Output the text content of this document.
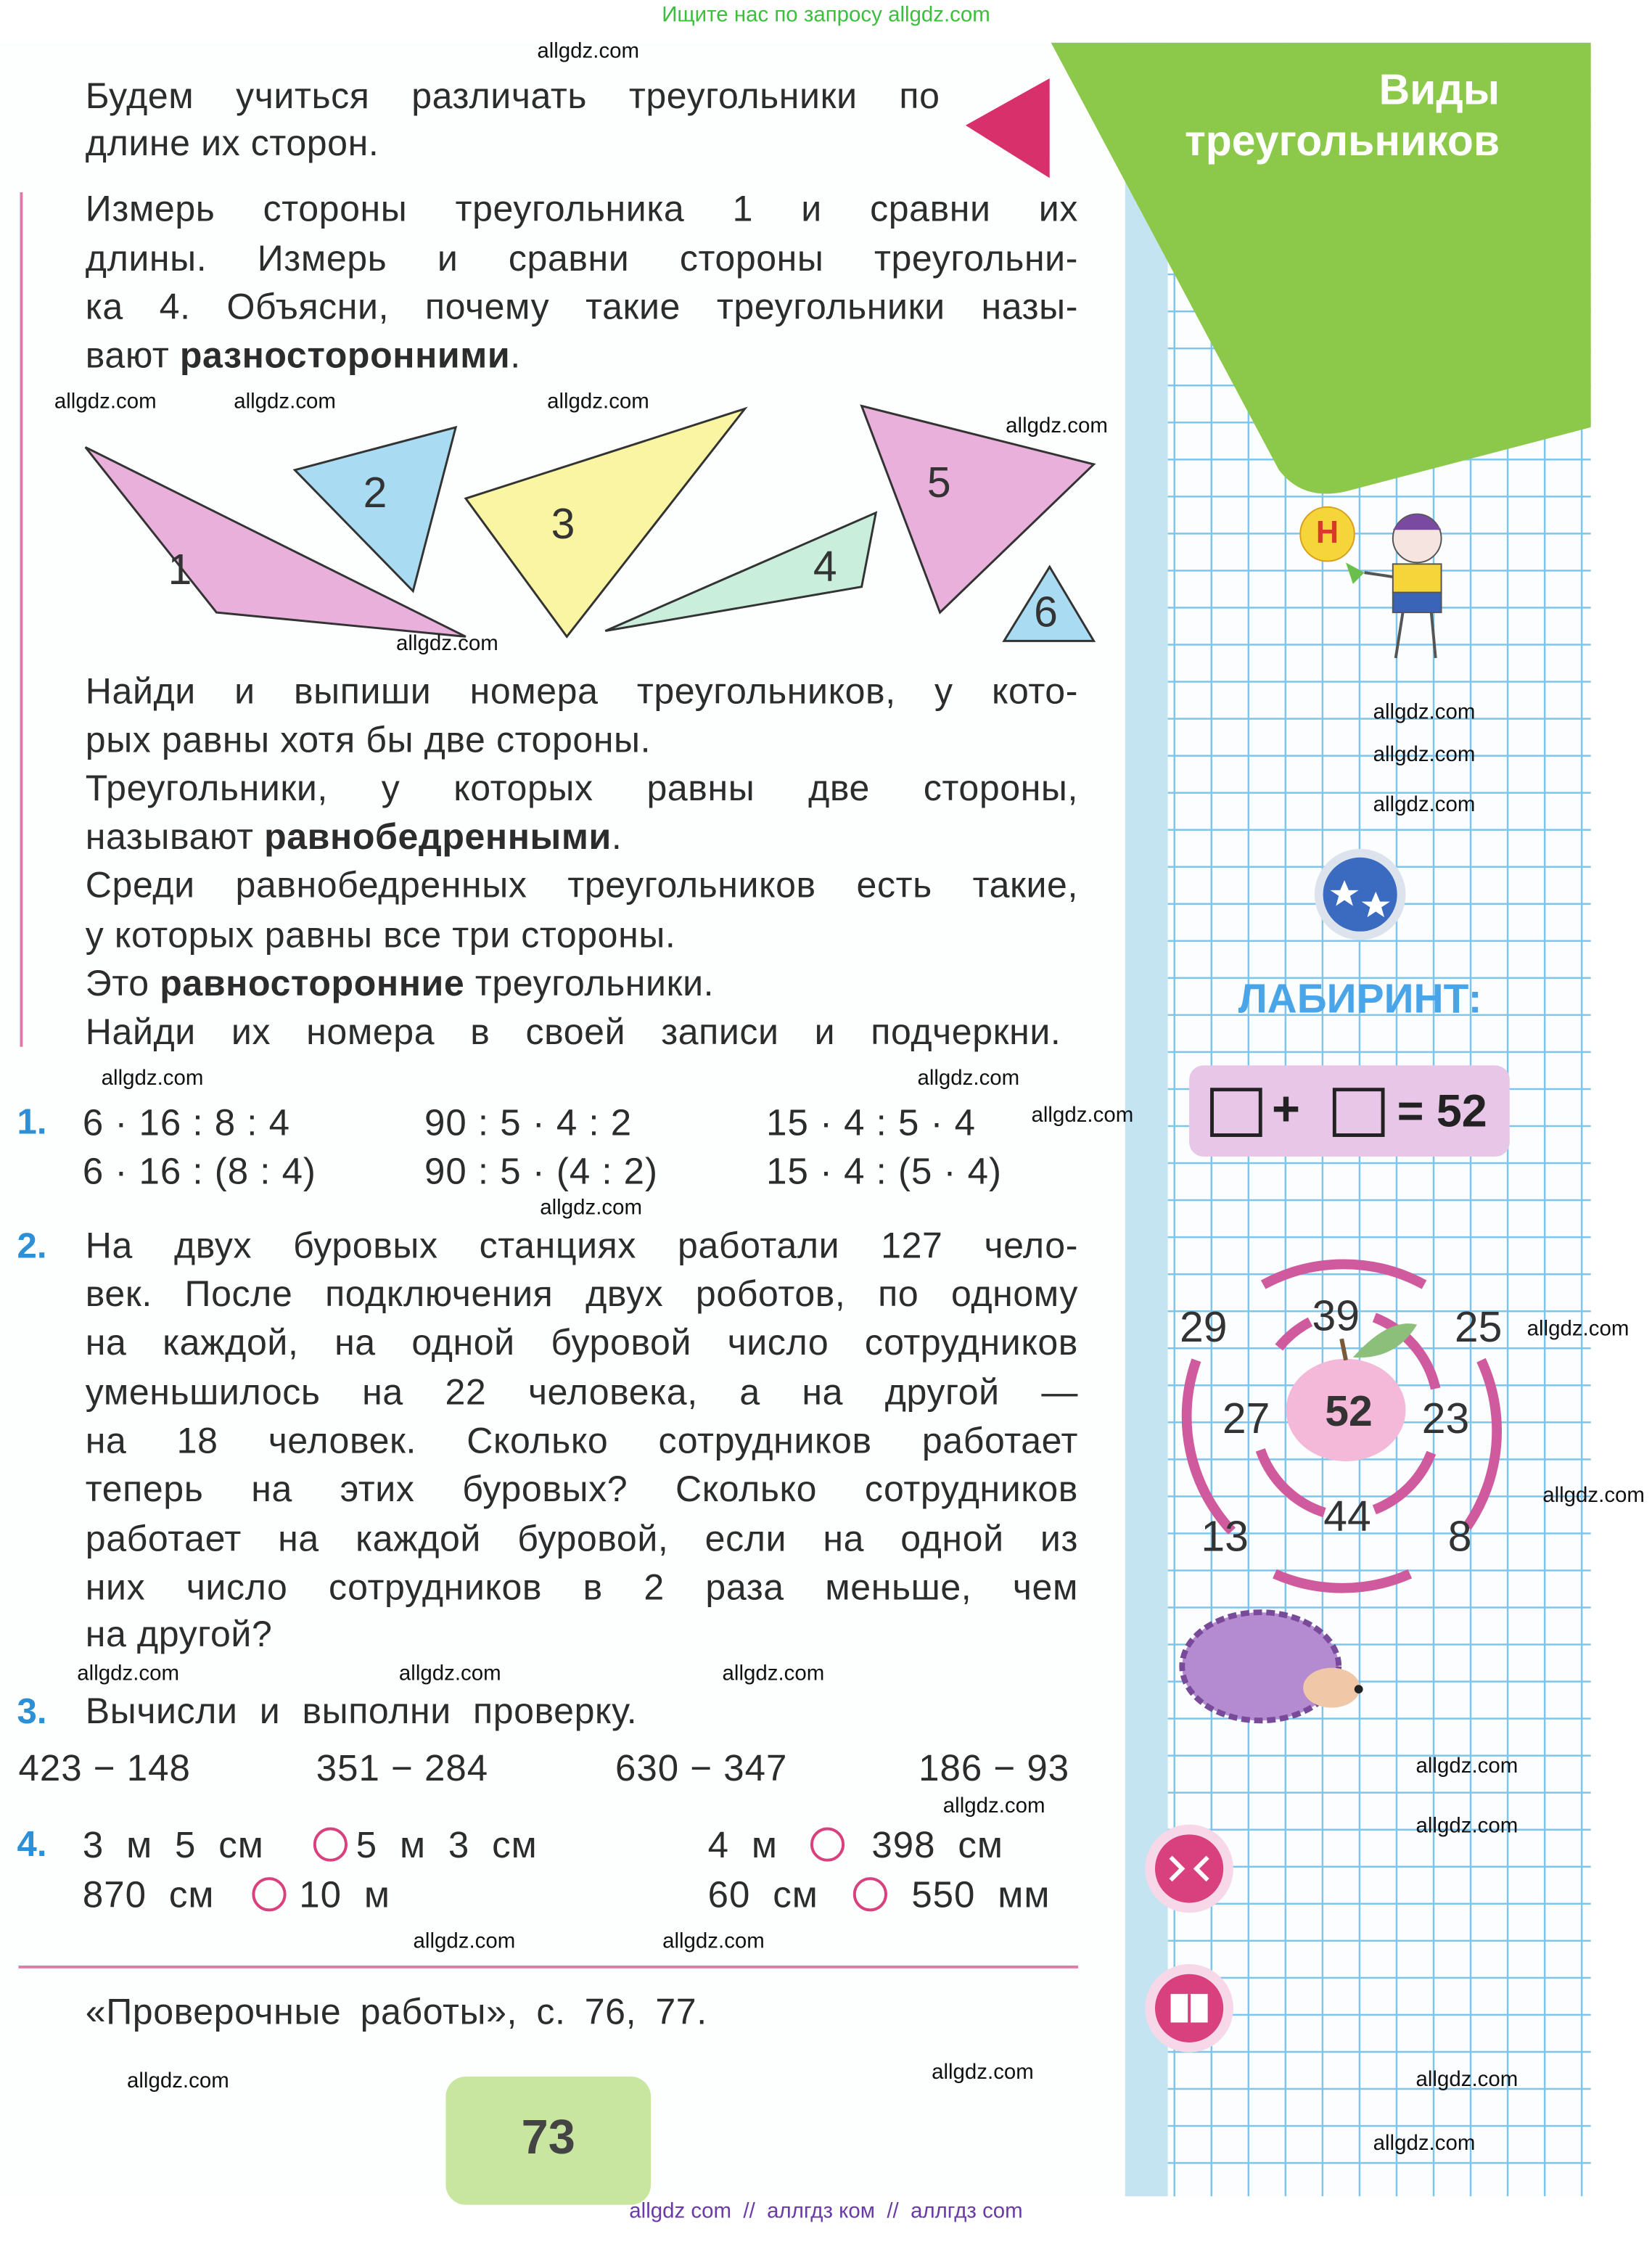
Ищите нас по запросу allgdz.com
Виды
треугольников
Будем учиться различать треугольники по
длине их сторон.
Измерь стороны треугольника 1 и сравни их
длины. Измерь и сравни стороны треугольни-
ка 4. Объясни, почему такие треугольники назы-
вают разносторонними.
1
2
3
4
5
6
Найди и выпиши номера треугольников, у кото-
рых равны хотя бы две стороны.
Треугольники, у которых равны две стороны,
называют равнобедренными.
Среди равнобедренных треугольников есть такие,
у которых равны все три стороны.
Это равносторонние треугольники.
Найди их номера в своей записи и подчеркни.
1. 6 · 16 : 8 : 4	90 : 5 · 4 : 2	15 · 4 : 5 · 4
6 · 16 : (8 : 4)	90 : 5 · (4 : 2)	15 · 4 : (5 · 4)
2. На двух буровых станциях работали 127 чело-
век. После подключения двух роботов, по одному
на каждой, на одной буровой число сотрудников
уменьшилось на 22 человека, а на другой —
на 18 человек. Сколько сотрудников работает
теперь на этих буровых? Сколько сотрудников
работает на каждой буровой, если на одной из
них число сотрудников в 2 раза меньше, чем
на другой?
3. Вычисли и выполни проверку.
423 − 148	351 − 284	630 − 347	186 − 93
4. 3 м 5 см	5 м 3 см	4 м	398 см
870 см	10 м	60 см	550 мм
«Проверочные работы», с. 76, 77.
73
Н
ЛАБИРИНТ:
+	= 52
29	39	25
27	52 23
13	44	8
allgdz.com
allgdz.com
allgdz.com
allgdz.com
allgdz.com
allgdz.com
allgdz.com
allgdz.com
allgdz.com
allgdz.com
allgdz.com
allgdz.com
allgdz.com
allgdz.com
allgdz.com
allgdz.com
allgdz.com
allgdz.com
allgdz.com
allgdz.com
allgdz.com
allgdz.com
allgdz.com	allgdz.com
allgdz.com
allgdz.com
allgdz.com
allgdz com  //  аллгдз ком  //  аллгдз com
